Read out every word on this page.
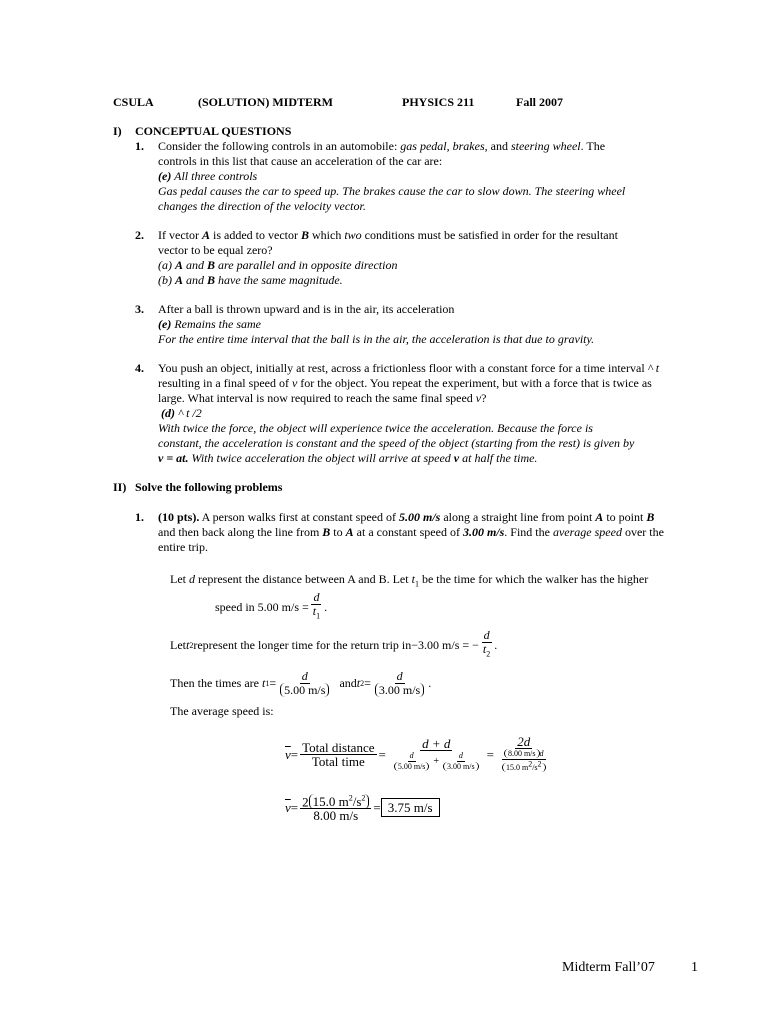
CSULA	(SOLUTION) MIDTERM	PHYSICS 211	Fall 2007
I) CONCEPTUAL QUESTIONS
1. Consider the following controls in an automobile: gas pedal, brakes, and steering wheel. The
controls in this list that cause an acceleration of the car are:
(e) All three controls
Gas pedal causes the car to speed up. The brakes cause the car to slow down. The steering wheel
changes the direction of the velocity vector.
2. If vector A is added to vector B which two conditions must be satisfied in order for the resultant
vector to be equal zero?
(a) A and B are parallel and in opposite direction
(b) A and B have the same magnitude.
3. After a ball is thrown upward and is in the air, its acceleration
(e) Remains the same
For the entire time interval that the ball is in the air, the acceleration is that due to gravity.
4. You push an object, initially at rest, across a frictionless floor with a constant force for a time interval ^ t
resulting in a final speed of v for the object. You repeat the experiment, but with a force that is twice as
large. What interval is now required to reach the same final speed v?
(d) ^ t /2
With twice the force, the object will experience twice the acceleration. Because the force is
constant, the acceleration is constant and the speed of the object (starting from the rest) is given by
v = at. With twice acceleration the object will arrive at speed v at half the time.
II) Solve the following problems
1. (10 pts). A person walks first at constant speed of 5.00 m/s along a straight line from point A to point B
and then back along the line from B to A at a constant speed of 3.00 m/s. Find the average speed over the
entire trip.
Let d represent the distance between A and B. Let $t_1$ be the time for which the walker has the higher
speed in
5.00 $m/s = \frac{d}{t_1}$ .
Let t 2 represent the longer time for the return trip in −3.00 m/s = − $\frac{d}{t_2}$ .
Then the times are
t $1 = \frac{d}{5.00 m/s}$
and t $2 = \frac{d}{3.00 m/s}$ .
The average speed is:
$\overline{v} = \frac{\text{Total distance}}{\text{Total time}} = \frac{d + d}{\frac{d}{5.00 m/s} + \frac{d}{3.00 m/s}} = \frac{2d}{\frac{\text{8.00 m/s d}}{15.0 m^2/s^2}}$
$\overline{v} = \frac{2 15.0 m^2/s^2}{8.00 m/s} = 3.75$ m/s
Midterm Fall’07	1
